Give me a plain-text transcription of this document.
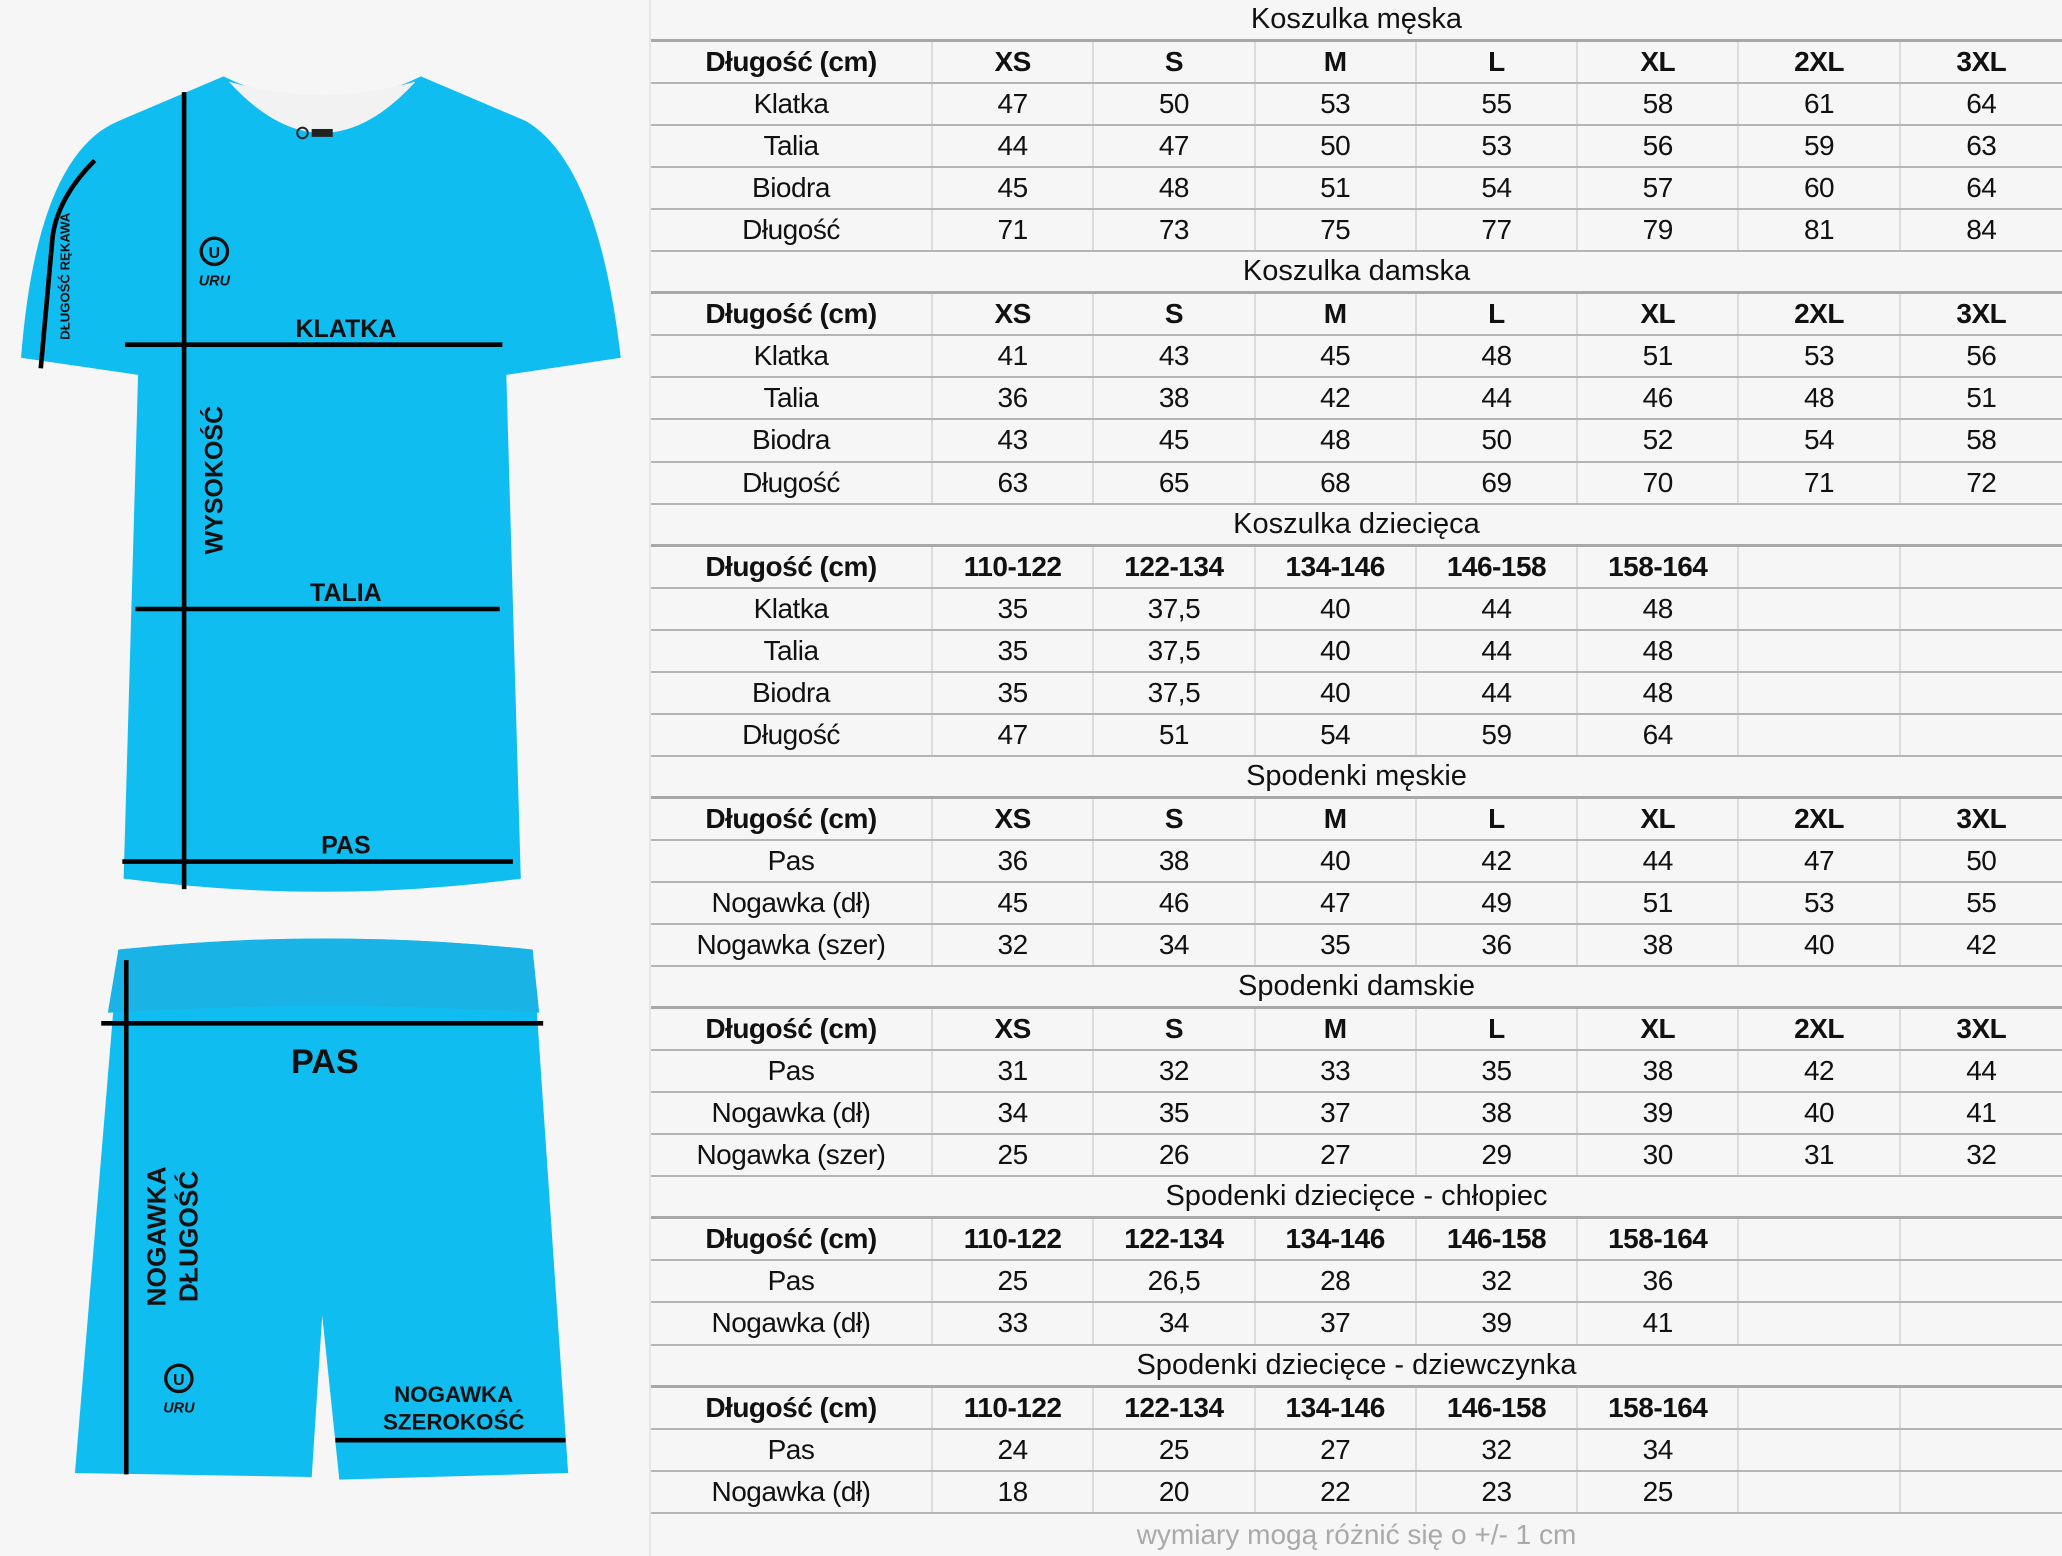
U
URU
KLATKA
TALIA
PAS
WYSOKOŚĆ
DŁUGOŚĆ RĘKAWA
U
URU
PAS
NOGAWKA DŁUGOŚĆ
NOGAWKA
SZEROKOŚĆ
Koszulka męska
Długość (cm)	XS	S	M	L	XL	2XL	3XL
Klatka	47	50	53	55	58	61	64
Talia	44	47	50	53	56	59	63
Biodra	45	48	51	54	57	60	64
Długość	71	73	75	77	79	81	84
Koszulka damska
Długość (cm)	XS	S	M	L	XL	2XL	3XL
Klatka	41	43	45	48	51	53	56
Talia	36	38	42	44	46	48	51
Biodra	43	45	48	50	52	54	58
Długość	63	65	68	69	70	71	72
Koszulka dziecięca
Długość (cm)	110-122	122-134	134-146	146-158	158-164
Klatka	35	37,5	40	44	48
Talia	35	37,5	40	44	48
Biodra	35	37,5	40	44	48
Długość	47	51	54	59	64
Spodenki męskie
Długość (cm)	XS	S	M	L	XL	2XL	3XL
Pas	36	38	40	42	44	47	50
Nogawka (dł)	45	46	47	49	51	53	55
Nogawka (szer)	32	34	35	36	38	40	42
Spodenki damskie
Długość (cm)	XS	S	M	L	XL	2XL	3XL
Pas	31	32	33	35	38	42	44
Nogawka (dł)	34	35	37	38	39	40	41
Nogawka (szer)	25	26	27	29	30	31	32
Spodenki dziecięce - chłopiec
Długość (cm)	110-122	122-134	134-146	146-158	158-164
Pas	25	26,5	28	32	36
Nogawka (dł)	33	34	37	39	41
Spodenki dziecięce - dziewczynka
Długość (cm)	110-122	122-134	134-146	146-158	158-164
Pas	24	25	27	32	34
Nogawka (dł)	18	20	22	23	25
wymiary mogą różnić się o +/- 1 cm
